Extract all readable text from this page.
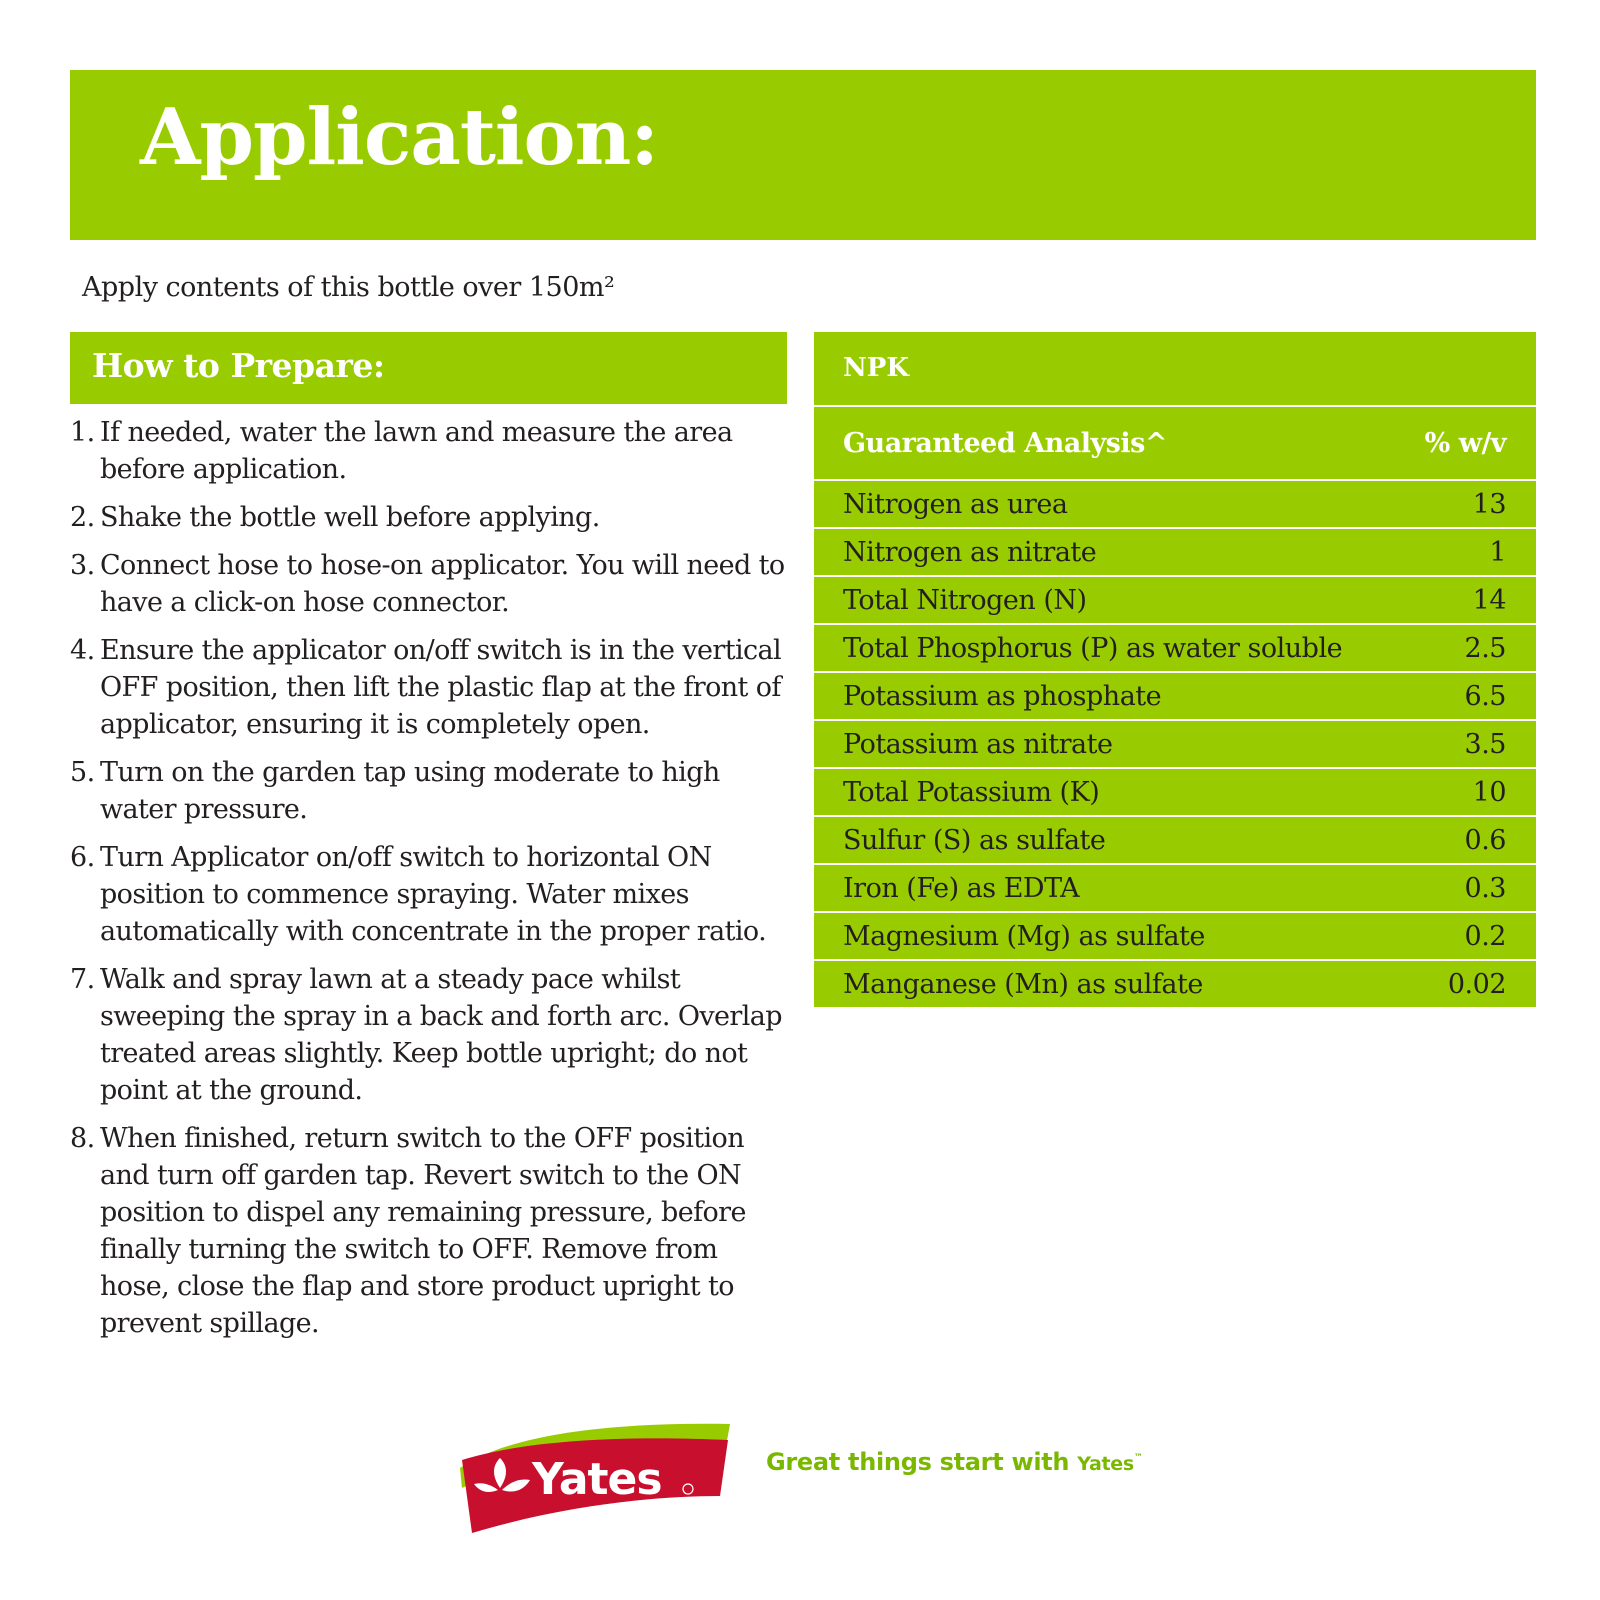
Application:
Apply contents of this bottle over 150m²
How to Prepare:
1. If needed, water the lawn and measure the area before application.
2. Shake the bottle well before applying.
3. Connect hose to hose-on applicator. You will need to have a click-on hose connector.
4. Ensure the applicator on/off switch is in the vertical OFF position, then lift the plastic flap at the front of applicator, ensuring it is completely open.
5. Turn on the garden tap using moderate to high water pressure.
6. Turn Applicator on/off switch to horizontal ON position to commence spraying. Water mixes automatically with concentrate in the proper ratio.
7. Walk and spray lawn at a steady pace whilst sweeping the spray in a back and forth arc. Overlap treated areas slightly. Keep bottle upright; do not point at the ground.
8. When finished, return switch to the OFF position and turn off garden tap. Revert switch to the ON position to dispel any remaining pressure, before finally turning the switch to OFF. Remove from hose, close the flap and store product upright to prevent spillage.
NPK
Guaranteed Analysis^	% w/v
Nitrogen as urea	13
Nitrogen as nitrate	1
Total Nitrogen (N)	14
Total Phosphorus (P) as water soluble	2.5
Potassium as phosphate	6.5
Potassium as nitrate	3.5
Total Potassium (K)	10
Sulfur (S) as sulfate	0.6
Iron (Fe) as EDTA	0.3
Magnesium (Mg) as sulfate	0.2
Manganese (Mn) as sulfate	0.02
Yates	Great things start with Yates™
